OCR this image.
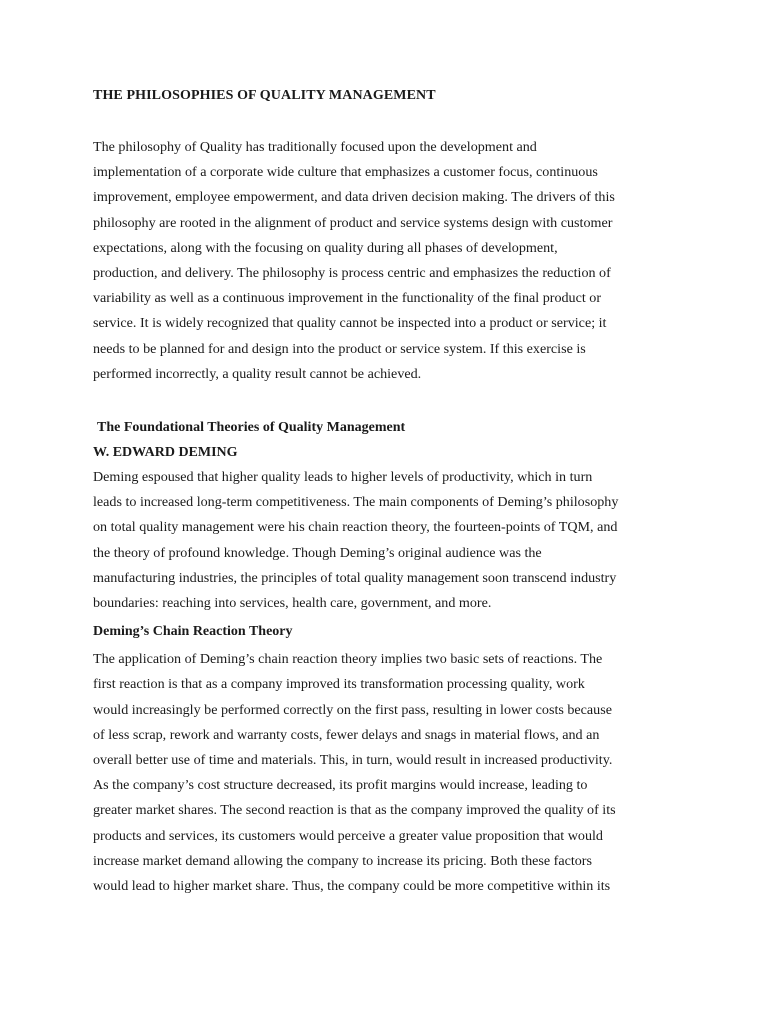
THE PHILOSOPHIES OF QUALITY MANAGEMENT

The philosophy of Quality has traditionally focused upon the development and

implementation of a corporate wide culture that emphasizes a customer focus, continuous

improvement, employee empowerment, and data driven decision making. The drivers of this

philosophy are rooted in the alignment of product and service systems design with customer

expectations, along with the focusing on quality during all phases of development,

production, and delivery. The philosophy is process centric and emphasizes the reduction of

variability as well as a continuous improvement in the functionality of the final product or

service. It is widely recognized that quality cannot be inspected into a product or service; it

needs to be planned for and design into the product or service system. If this exercise is

performed incorrectly, a quality result cannot be achieved.

The Foundational Theories of Quality Management
W. EDWARD DEMING

Deming espoused that higher quality leads to higher levels of productivity, which in turn

leads to increased long-term competitiveness. The main components of Deming’s philosophy

on total quality management were his chain reaction theory, the fourteen-points of TQM, and

the theory of profound knowledge. Though Deming’s original audience was the

manufacturing industries, the principles of total quality management soon transcend industry

boundaries: reaching into services, health care, government, and more.

Deming’s Chain Reaction Theory

The application of Deming’s chain reaction theory implies two basic sets of reactions. The

first reaction is that as a company improved its transformation processing quality, work

would increasingly be performed correctly on the first pass, resulting in lower costs because

of less scrap, rework and warranty costs, fewer delays and snags in material flows, and an

overall better use of time and materials. This, in turn, would result in increased productivity.

As the company’s cost structure decreased, its profit margins would increase, leading to

greater market shares. The second reaction is that as the company improved the quality of its

products and services, its customers would perceive a greater value proposition that would

increase market demand allowing the company to increase its pricing. Both these factors

would lead to higher market share. Thus, the company could be more competitive within its
